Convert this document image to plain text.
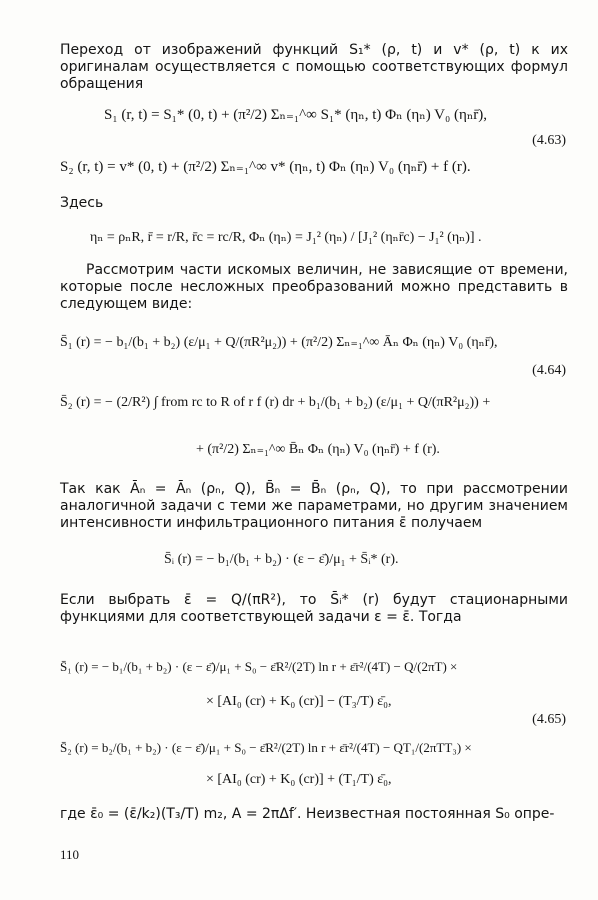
Переход от изображений функций S₁* (ρ, t) и v* (ρ, t) к их оригиналам осуществляется с помощью соответствующих формул обращения

S₁ (r, t) = S₁* (0, t) + (π²/2) Σₙ₌₁^∞ S₁* (ηₙ, t) Φₙ (ηₙ) V₀ (ηₙr̄),
(4.63)
S₂ (r, t) = v* (0, t) + (π²/2) Σₙ₌₁^∞ v* (ηₙ, t) Φₙ (ηₙ) V₀ (ηₙr̄) + f (r).

Здесь

ηₙ = ρₙR, r̄ = r/R, r̄c = rc/R, Φₙ (ηₙ) = J₁² (ηₙ) / [J₁² (ηₙr̄c) − J₁² (ηₙ)] .

Рассмотрим части искомых величин, не зависящие от времени, которые после несложных преобразований можно представить в следующем виде:

S̄₁ (r) = − b₁/(b₁ + b₂) (ε/μ₁ + Q/(πR²μ₂)) + (π²/2) Σₙ₌₁^∞ Āₙ Φₙ (ηₙ) V₀ (ηₙr̄),
(4.64)
S̄₂ (r) = − (2/R²) ∫ from rc to R of r f (r) dr + b₁/(b₁ + b₂) (ε/μ₁ + Q/(πR²μ₂)) +
+ (π²/2) Σₙ₌₁^∞ B̄ₙ Φₙ (ηₙ) V₀ (ηₙr̄) + f (r).

Так как Āₙ = Āₙ (ρₙ, Q), B̄ₙ = B̄ₙ (ρₙ, Q), то при рассмотрении аналогичной задачи с теми же параметрами, но другим значением интенсивности инфильтрационного питания ε̄ получаем

S̄ᵢ (r) = − b₁/(b₁ + b₂) · (ε − ε̄)/μ₁ + S̄ᵢ* (r).

Если выбрать ε̄ = Q/(πR²), то S̄ᵢ* (r) будут стационарными функциями для соответствующей задачи ε = ε̄. Тогда

S̄₁ (r) = − b₁/(b₁ + b₂) · (ε − ε̄)/μ₁ + S₀ − ε̄R²/(2T) ln r + ε̄r²/(4T) − Q/(2πT) ×
× [AI₀ (cr) + K₀ (cr)] − (T₃/T) ε̄₀,
(4.65)
S̄₂ (r) = b₂/(b₁ + b₂) · (ε − ε̄)/μ₁ + S₀ − ε̄R²/(2T) ln r + ε̄r²/(4T) − QT₁/(2πTT₃) ×
× [AI₀ (cr) + K₀ (cr)] + (T₁/T) ε̄₀,

где ε̄₀ = (ε̄/k₂)(T₃/T) m₂, A = 2πΔf′. Неизвестная постоянная S₀ опре-

110
